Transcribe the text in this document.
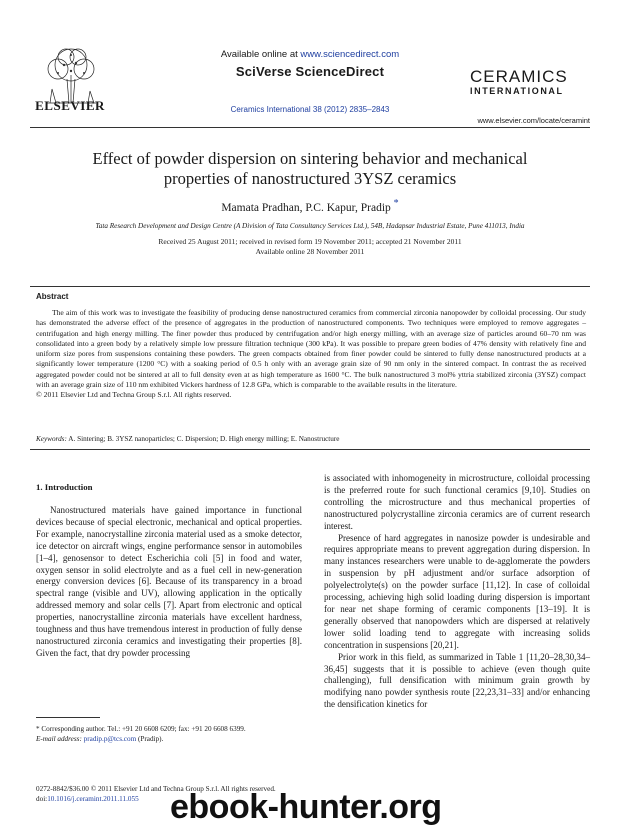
ELSEVIER
Available online at www.sciencedirect.com
SciVerse ScienceDirect
Ceramics International 38 (2012) 2835–2843
CERAMICS
INTERNATIONAL
www.elsevier.com/locate/ceramint
Effect of powder dispersion on sintering behavior and mechanical
properties of nanostructured 3YSZ ceramics
Mamata Pradhan, P.C. Kapur, Pradip *
Tata Research Development and Design Centre (A Division of Tata Consultancy Services Ltd.), 54B, Hadapsar Industrial Estate, Pune 411013, India
Received 25 August 2011; received in revised form 19 November 2011; accepted 21 November 2011
Available online 28 November 2011
Abstract

The aim of this work was to investigate the feasibility of producing dense nanostructured ceramics from commercial zirconia nanopowder by colloidal processing. Our study has demonstrated the adverse effect of the presence of aggregates in the production of nanostructured components. Two techniques were employed to remove aggregates – centrifugation and high energy milling. The finer powder thus produced by centrifugation and/or high energy milling, with an average size of particles around 60–70 nm was consolidated into a green body by a relatively simple low pressure filtration technique (300 kPa). It was possible to prepare green bodies of 47% density with relatively fine and uniform size pores from suspensions containing these powders. The green compacts obtained from finer powder could be sintered to fully dense nanostructured products at a significantly lower temperature (1200 °C) with a soaking period of 0.5 h only with an average grain size of 90 nm only in the sintered compact. In contrast the as received aggregated powder could not be sintered at all to full density even at as high temperature as 1600 °C. The bulk nanostructured 3 mol% yttria stabilized zirconia (3YSZ) compact with an average grain size of 110 nm exhibited Vickers hardness of 12.8 GPa, which is comparable to the available results in the literature.

© 2011 Elsevier Ltd and Techna Group S.r.l. All rights reserved.
Keywords: A. Sintering; B. 3YSZ nanoparticles; C. Dispersion; D. High energy milling; E. Nanostructure
1. Introduction

Nanostructured materials have gained importance in functional devices because of special electronic, mechanical and optical properties. For example, nanocrystalline zirconia material used as a smoke detector, ice detector on aircraft wings, engine performance sensor in automobiles [1–4], genosensor to detect Escherichia coli [5] in food and water, oxygen sensor in solid electrolyte and as a fuel cell in new-generation energy conversion devices [6]. Because of its transparency in a broad spectral range (visible and UV), allowing application in the optically addressed memory and solar cells [7]. Apart from electronic and optical properties, nanocrystalline zirconia materials have excellent hardness, toughness and thus have tremendous interest in production of fully dense nanostructured zirconia ceramics and investigating their properties [8]. Given the fact, that dry powder processing

is associated with inhomogeneity in microstructure, colloidal processing is the preferred route for such functional ceramics [9,10]. Studies on controlling the microstructure and thus mechanical properties of nanostructured polycrystalline zirconia ceramics are of current research interest.

Presence of hard aggregates in nanosize powder is undesirable and requires appropriate means to prevent aggregation during dispersion. In many instances researchers were unable to de-agglomerate the powders in suspension by pH adjustment and/or surface adsorption of polyelectrolyte(s) on the powder surface [11,12]. In case of colloidal processing, achieving high solid loading during dispersion is important for near net shape forming of ceramic components [13–19]. It is generally observed that nanopowders which are dispersed at relatively lower solid loading tend to aggregate with increasing solids concentration in suspensions [20,21].

Prior work in this field, as summarized in Table 1 [11,20–28,30,34–36,45] suggests that it is possible to achieve (even though quite challenging), full densification with minimum grain growth by modifying nano powder synthesis route [22,23,31–33] and/or enhancing the densification kinetics for

* Corresponding author. Tel.: +91 20 6608 6209; fax: +91 20 6608 6399.
E-mail address: pradip.p@tcs.com (Pradip).
0272-8842/$36.00 © 2011 Elsevier Ltd and Techna Group S.r.l. All rights reserved.
doi:10.1016/j.ceramint.2011.11.055 ebook-hunter.org
